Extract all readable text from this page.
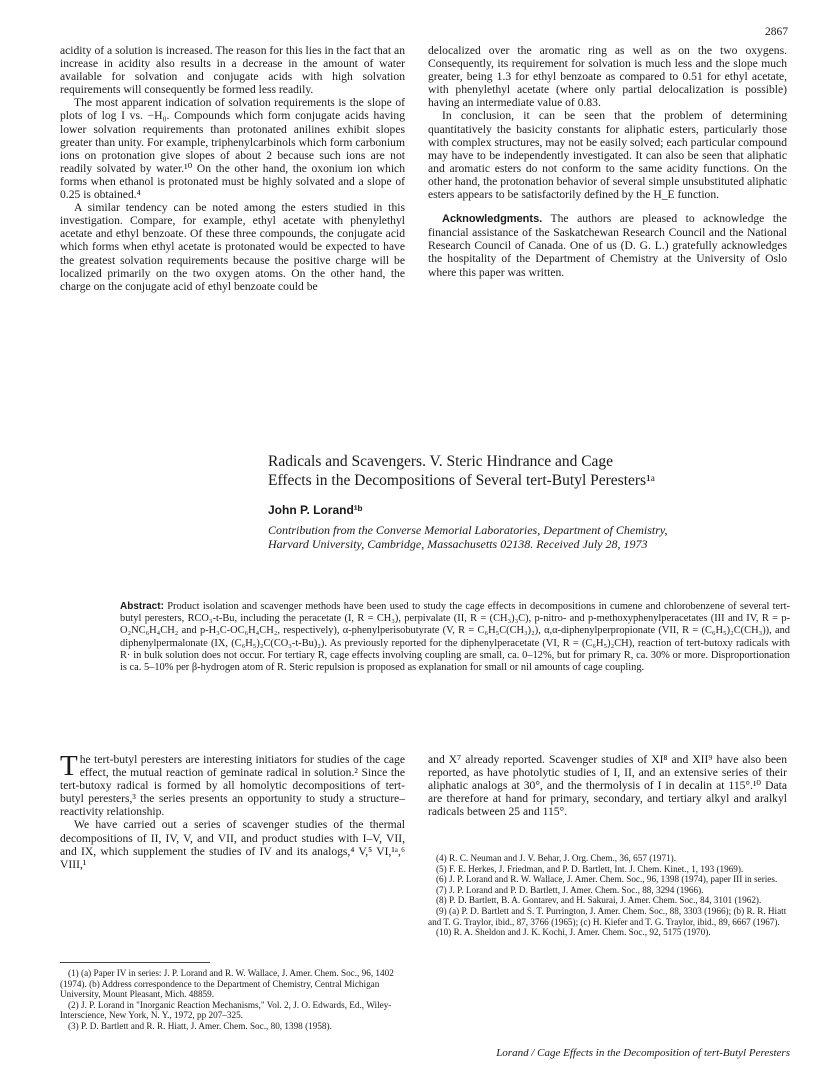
2867

acidity of a solution is increased. The reason for this lies in the fact that an increase in acidity also results in a decrease in the amount of water available for solvation and conjugate acids with high solvation requirements will consequently be formed less readily.

The most apparent indication of solvation requirements is the slope of plots of log I vs. −H₀. Compounds which form conjugate acids having lower solvation requirements than protonated anilines exhibit slopes greater than unity. For example, triphenylcarbinols which form carbonium ions on protonation give slopes of about 2 because such ions are not readily solvated by water.¹⁰ On the other hand, the oxonium ion which forms when ethanol is protonated must be highly solvated and a slope of 0.25 is obtained.⁴

A similar tendency can be noted among the esters studied in this investigation. Compare, for example, ethyl acetate with phenylethyl acetate and ethyl benzoate. Of these three compounds, the conjugate acid which forms when ethyl acetate is protonated would be expected to have the greatest solvation requirements because the positive charge will be localized primarily on the two oxygen atoms. On the other hand, the charge on the conjugate acid of ethyl benzoate could be

delocalized over the aromatic ring as well as on the two oxygens. Consequently, its requirement for solvation is much less and the slope much greater, being 1.3 for ethyl benzoate as compared to 0.51 for ethyl acetate, with phenylethyl acetate (where only partial delocalization is possible) having an intermediate value of 0.83.

In conclusion, it can be seen that the problem of determining quantitatively the basicity constants for aliphatic esters, particularly those with complex structures, may not be easily solved; each particular compound may have to be independently investigated. It can also be seen that aliphatic and aromatic esters do not conform to the same acidity functions. On the other hand, the protonation behavior of several simple unsubstituted aliphatic esters appears to be satisfactorily defined by the H_E function.

Acknowledgments. The authors are pleased to acknowledge the financial assistance of the Saskatchewan Research Council and the National Research Council of Canada. One of us (D. G. L.) gratefully acknowledges the hospitality of the Department of Chemistry at the University of Oslo where this paper was written.

Radicals and Scavengers. V. Steric Hindrance and Cage
Effects in the Decompositions of Several tert-Butyl Peresters¹ᵃ
John P. Lorand¹ᵇ
Contribution from the Converse Memorial Laboratories, Department of Chemistry,
Harvard University, Cambridge, Massachusetts 02138. Received July 28, 1973
Abstract: Product isolation and scavenger methods have been used to study the cage effects in decompositions in cumene and chlorobenzene of several tert-butyl peresters, RCO₃-t-Bu, including the peracetate (I, R = CH₃), perpivalate (II, R = (CH₃)₃C), p-nitro- and p-methoxyphenylperacetates (III and IV, R = p-O₂NC₆H₄CH₂ and p-H₃C-OC₆H₄CH₂, respectively), α-phenylperisobutyrate (V, R = C₆H₅C(CH₃)₂), α,α-diphenylperpropionate (VII, R = (C₆H₅)₂C(CH₃)), and diphenylpermalonate (IX, (C₆H₅)₂C(CO₃-t-Bu)₂). As previously reported for the diphenylperacetate (VI, R = (C₆H₅)₂CH), reaction of tert-butoxy radicals with R· in bulk solution does not occur. For tertiary R, cage effects involving coupling are small, ca. 0–12%, but for primary R, ca. 30% or more. Disproportionation is ca. 5–10% per β-hydrogen atom of R. Steric repulsion is proposed as explanation for small or nil amounts of cage coupling.

T he tert-butyl peresters are interesting initiators for studies of the cage effect, the mutual reaction of geminate radical in solution.² Since the tert-butoxy radical is formed by all homolytic decompositions of tert-butyl peresters,³ the series presents an opportunity to study a structure–reactivity relationship.

We have carried out a series of scavenger studies of the thermal decompositions of II, IV, V, and VII, and product studies with I–V, VII, and IX, which supplement the studies of IV and its analogs,⁴ V,⁵ VI,¹ᵃ,⁶ VIII,¹

and X⁷ already reported. Scavenger studies of XI⁸ and XII⁹ have also been reported, as have photolytic studies of I, II, and an extensive series of their aliphatic analogs at 30°, and the thermolysis of I in decalin at 115°.¹⁰ Data are therefore at hand for primary, secondary, and tertiary alkyl and aralkyl radicals between 25 and 115°.

(1) (a) Paper IV in series: J. P. Lorand and R. W. Wallace, J. Amer. Chem. Soc., 96, 1402 (1974). (b) Address correspondence to the Department of Chemistry, Central Michigan University, Mount Pleasant, Mich. 48859.

(2) J. P. Lorand in "Inorganic Reaction Mechanisms," Vol. 2, J. O. Edwards, Ed., Wiley-Interscience, New York, N. Y., 1972, pp 207–325.

(3) P. D. Bartlett and R. R. Hiatt, J. Amer. Chem. Soc., 80, 1398 (1958).

(4) R. C. Neuman and J. V. Behar, J. Org. Chem., 36, 657 (1971).

(5) F. E. Herkes, J. Friedman, and P. D. Bartlett, Int. J. Chem. Kinet., 1, 193 (1969).

(6) J. P. Lorand and R. W. Wallace, J. Amer. Chem. Soc., 96, 1398 (1974), paper III in series.

(7) J. P. Lorand and P. D. Bartlett, J. Amer. Chem. Soc., 88, 3294 (1966).

(8) P. D. Bartlett, B. A. Gontarev, and H. Sakurai, J. Amer. Chem. Soc., 84, 3101 (1962).

(9) (a) P. D. Bartlett and S. T. Purrington, J. Amer. Chem. Soc., 88, 3303 (1966); (b) R. R. Hiatt and T. G. Traylor, ibid., 87, 3766 (1965); (c) H. Kiefer and T. G. Traylor, ibid., 89, 6667 (1967).

(10) R. A. Sheldon and J. K. Kochi, J. Amer. Chem. Soc., 92, 5175 (1970).

Lorand / Cage Effects in the Decomposition of tert-Butyl Peresters
